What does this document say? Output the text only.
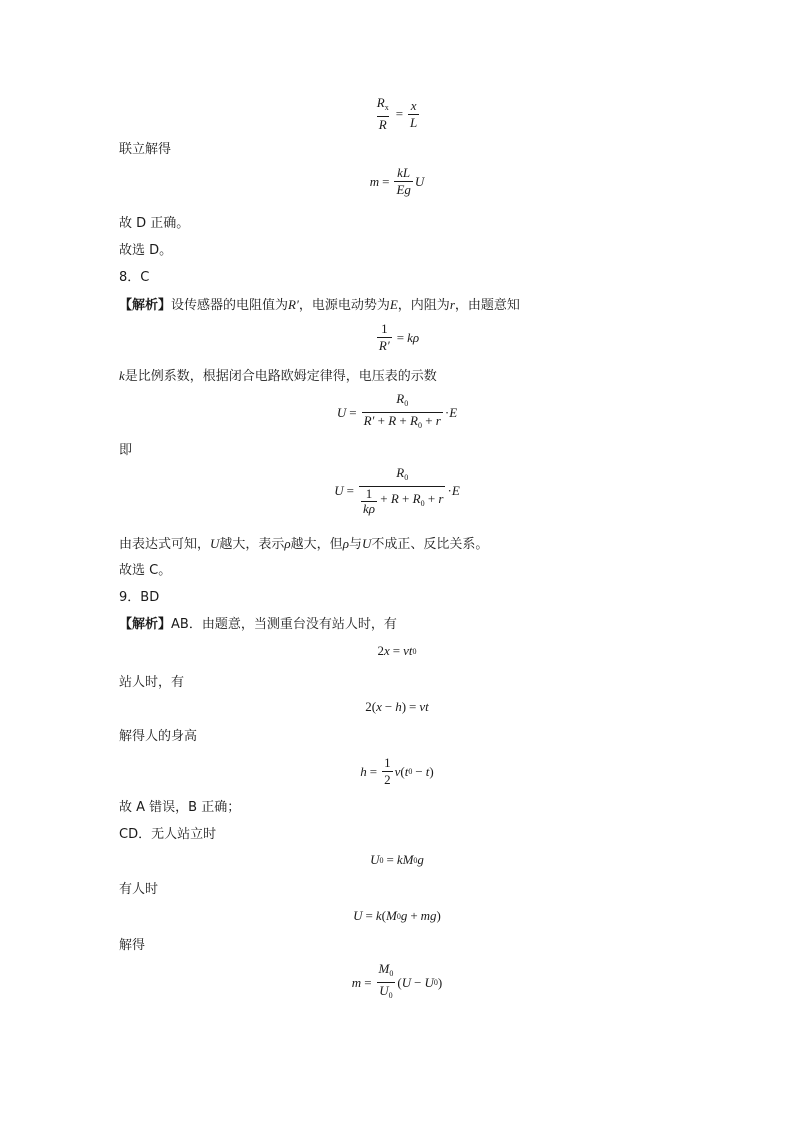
$\frac{R_x}{R} = \frac{x}{L}$
联立解得
$m = \frac{kL}{Eg}$ U
故 D 正确。
故选 D。
8．C
【解析】设传感器的电阻值为R′，电源电动势为E，内阻为r，由题意知
$\frac{1}{R'} = k\rho$
k是比例系数，根据闭合电路欧姆定律得，电压表的示数
$U = \frac{R_0}{R' + R + R_0 + r} \cdot E$
即
$U = \frac{R_0}{\frac{1}{k\rho} + R + R_0 + r} \cdot E$
由表达式可知，U越大，表示ρ越大，但ρ与U不成正、反比关系。
故选 C。
9．BD
【解析】AB．由题意，当测重台没有站人时，有
2 x = vt 0
站人时，有
2( x − h ) = vt
解得人的身高
$h = \frac{1}{2}$ v ( t 0 − t )
故 A 错误，B 正确；
CD．无人站立时
U 0 = kM 0 g
有人时
U = k ( M 0 g + mg )
解得
$m = \frac{M_0}{U_0}$ ( U − U 0 )
